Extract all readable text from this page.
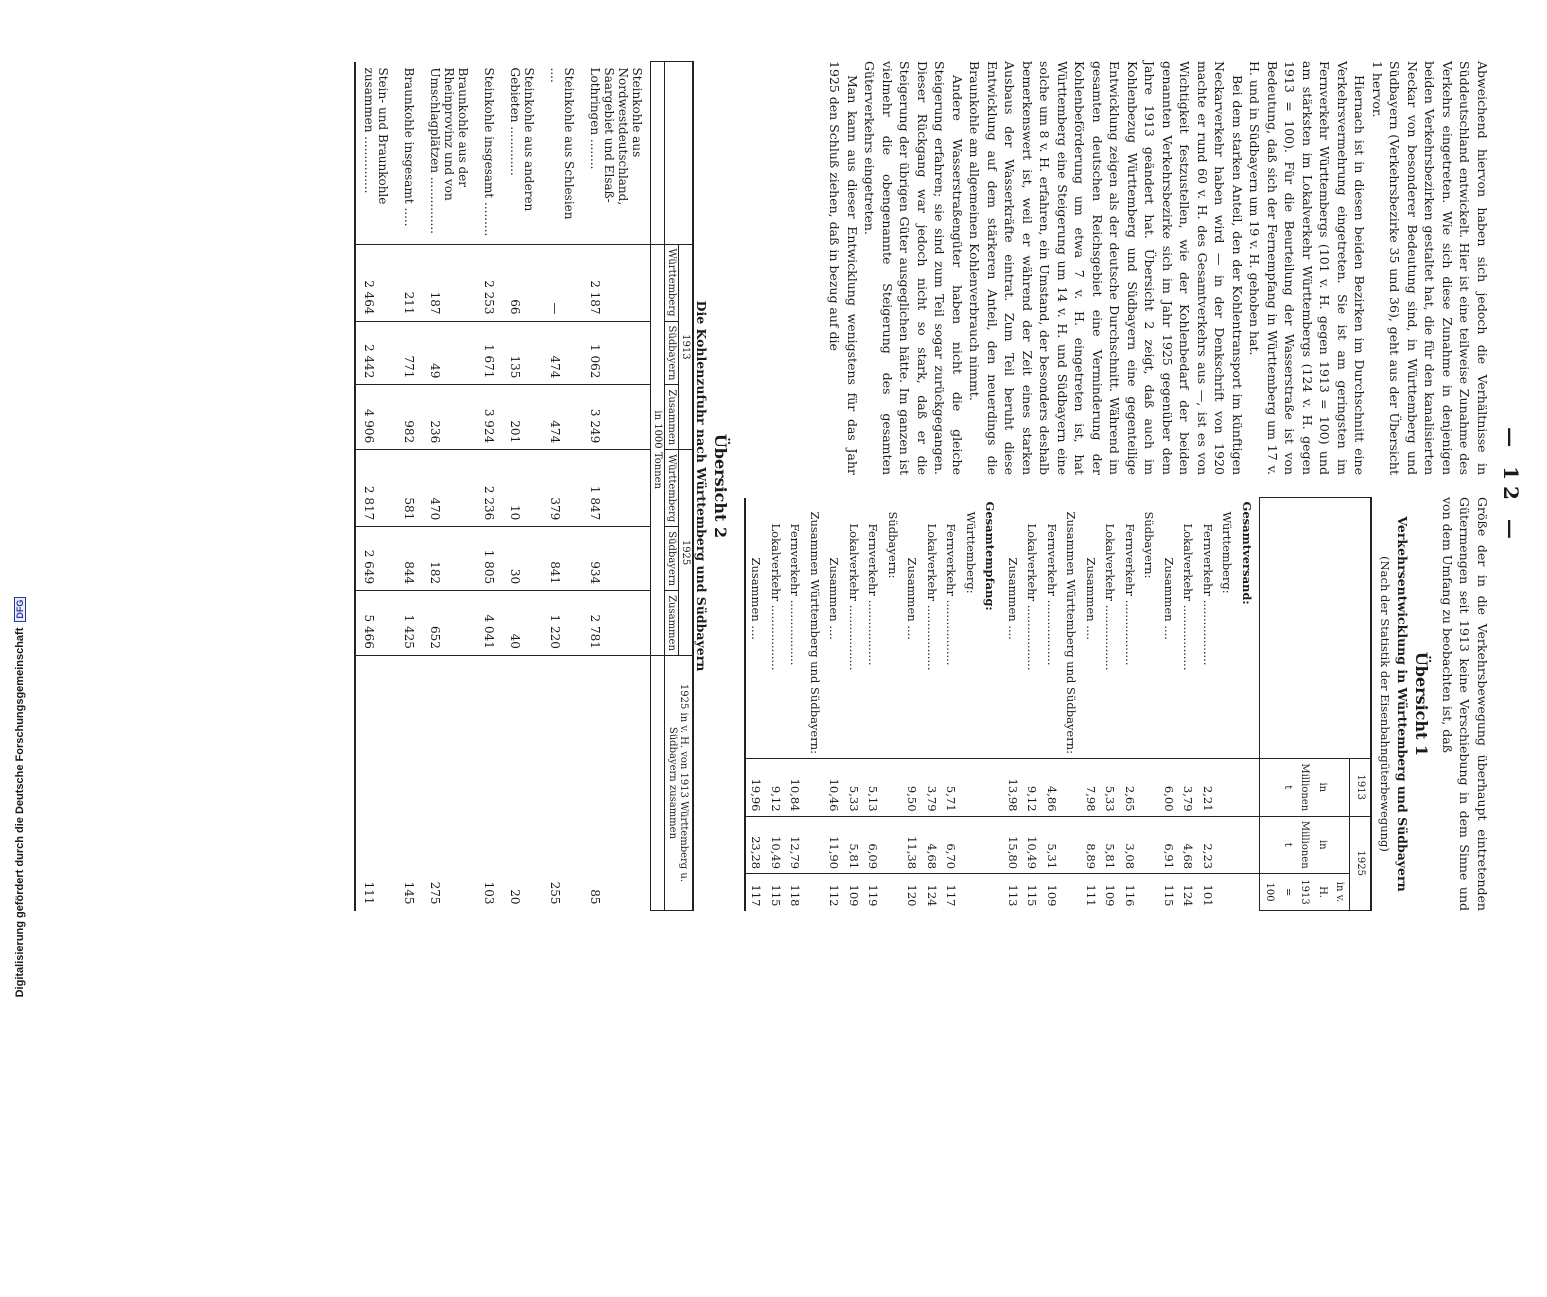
Digitalisierung gefördert durch die Deutsche Forschungsgemeinschaft
DFG
— 12 —

Abweichend hiervon haben sich jedoch die Verhältnisse in Süddeutschland entwickelt. Hier ist eine teilweise Zunahme des Verkehrs eingetreten. Wie sich diese Zunahme in denjenigen beiden Verkehrsbezirken gestaltet hat, die für den kanalisierten Neckar von besonderer Bedeutung sind, in Württemberg und Südbayern (Verkehrsbezirke 35 und 36), geht aus der Übersicht 1 hervor.

Hiernach ist in diesen beiden Bezirken im Durchschnitt eine Verkehrsvermehrung eingetreten. Sie ist am geringsten im Fernverkehr Württembergs (101 v. H. gegen 1913 = 100) und am stärksten im Lokalverkehr Württembergs (124 v. H. gegen 1913 = 100). Für die Beurteilung der Wasserstraße ist von Bedeutung, daß sich der Fernempfang in Württemberg um 17 v. H. und in Südbayern um 19 v. H. gehoben hat.

Bei dem starken Anteil, den der Kohlentransport im künftigen Neckarverkehr haben wird — in der Denkschrift von 1920 machte er rund 60 v. H. des Gesamtverkehrs aus —, ist es von Wichtigkeit festzustellen, wie der Kohlenbedarf der beiden genannten Verkehrsbezirke sich im Jahr 1925 gegenüber dem Jahre 1913 geändert hat. Übersicht 2 zeigt, daß auch im Kohlenbezug Württemberg und Südbayern eine gegenteilige Entwicklung zeigen als der deutsche Durchschnitt. Während im gesamten deutschen Reichsgebiet eine Verminderung der Kohlenbeförderung um etwa 7 v. H. eingetreten ist, hat Württemberg eine Steigerung um 14 v. H. und Südbayern eine solche um 8 v. H. erfahren, ein Umstand, der besonders deshalb bemerkenswert ist, weil er während der Zeit eines starken Ausbaus der Wasserkräfte eintrat. Zum Teil beruht diese Entwicklung auf dem stärkeren Anteil, den neuerdings die Braunkohle am allgemeinen Kohlenverbrauch nimmt.

Andere Wasserstraßengüter haben nicht die gleiche Steigerung erfahren; sie sind zum Teil sogar zurückgegangen. Dieser Rückgang war jedoch nicht so stark, daß er die Steigerung der übrigen Güter ausgeglichen hätte. Im ganzen ist vielmehr die obengenannte Steigerung des gesamten Güterverkehrs eingetreten.

Man kann aus dieser Entwicklung wenigstens für das Jahr 1925 den Schluß ziehen, daß in bezug auf die

Größe der in die Verkehrsbewegung überhaupt eintretenden Gütermengen seit 1913 keine Verschiebung in dem Sinne und von dem Umfang zu beobachten ist, daß

Übersicht 1
Verkehrsentwicklung in Württemberg und Südbayern
(Nach der Statistik der Eisenbahngüterbewegung)
	1913	1925	
	in Millionen t	in Millionen t	in v. H. 1913 = 100
Gesamtversand:			
Württemberg:			
Fernverkehr ..................	2,21	2,23	101
Lokalverkehr ..................	3,79	4,68	124
Zusammen ....	6,00	6,91	115
Südbayern:			
Fernverkehr ..................	2,65	3,08	116
Lokalverkehr ..................	5,33	5,81	109
Zusammen ....	7,98	8,89	111
Zusammen Württemberg und Südbayern:			
Fernverkehr ..................	4,86	5,31	109
Lokalverkehr ..................	9,12	10,49	115
Zusammen ....	13,98	15,80	113
Gesamtempfang:			
Württemberg:			
Fernverkehr ..................	5,71	6,70	117
Lokalverkehr ..................	3,79	4,68	124
Zusammen ....	9,50	11,38	120
Südbayern:			
Fernverkehr ..................	5,13	6,09	119
Lokalverkehr ..................	5,33	5,81	109
Zusammen ....	10,46	11,90	112
Zusammen Württemberg und Südbayern:			
Fernverkehr ..................	10,84	12,79	118
Lokalverkehr ..................	9,12	10,49	115
Zusammen ....	19,96	23,28	117
Übersicht 2
Die Kohlenzufuhr nach Württemberg und Südbayern
	1913			1925			1925 in v. H. von 1913 Württemberg u. Südbayern zusammen
	Württemberg	Südbayern	Zusammen	Württemberg	Südbayern	Zusammen	
	in 1000 Tonnen						
Steinkohle aus Nordwestdeutschland, Saargebiet und Elsaß-Lothringen ........	2 187	1 062	3 249	1 847	934	2 781	85
Steinkohle aus Schlesien ....	—	474	474	379	841	1 220	255
Steinkohle aus anderen Gebieten .............	66	135	201	10	30	40	20
Steinkohle insgesamt .........	2 253	1 671	3 924	2 236	1 805	4 041	103
Braunkohle aus der Rheinprovinz und von Umschlagplätzen ...............	187	49	236	470	182	652	275
Braunkohle insgesamt .....	211	771	982	581	844	1 425	145
Stein- und Braunkohle zusammen ...............	2 464	2 442	4 906	2 817	2 649	5 466	111
